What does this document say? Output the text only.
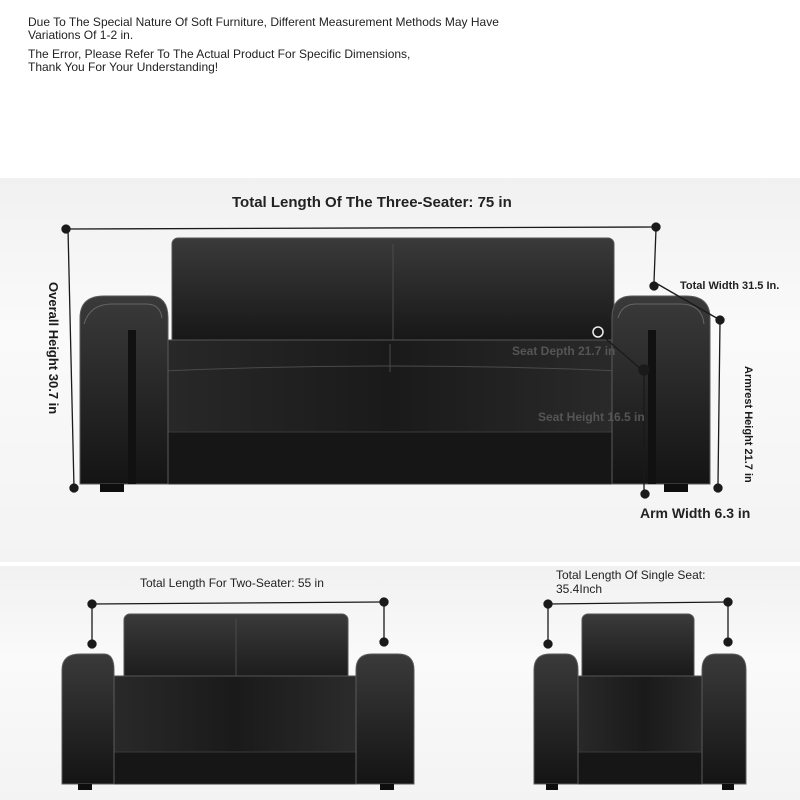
Due To The Special Nature Of Soft Furniture, Different Measurement Methods May Have
Variations Of 1-2 in.
The Error, Please Refer To The Actual Product For Specific Dimensions,
Thank You For Your Understanding!
Total Length Of The Three-Seater: 75 in
Overall Height 30.7 in	Total Width 31.5 In.
Seat Depth 21.7 in
Seat Height 16.5 in	Armrest Height 21.7 in
Arm Width 6.3 in
Total Length For Two-Seater: 55 in
Total Length Of Single Seat:
35.4Inch
